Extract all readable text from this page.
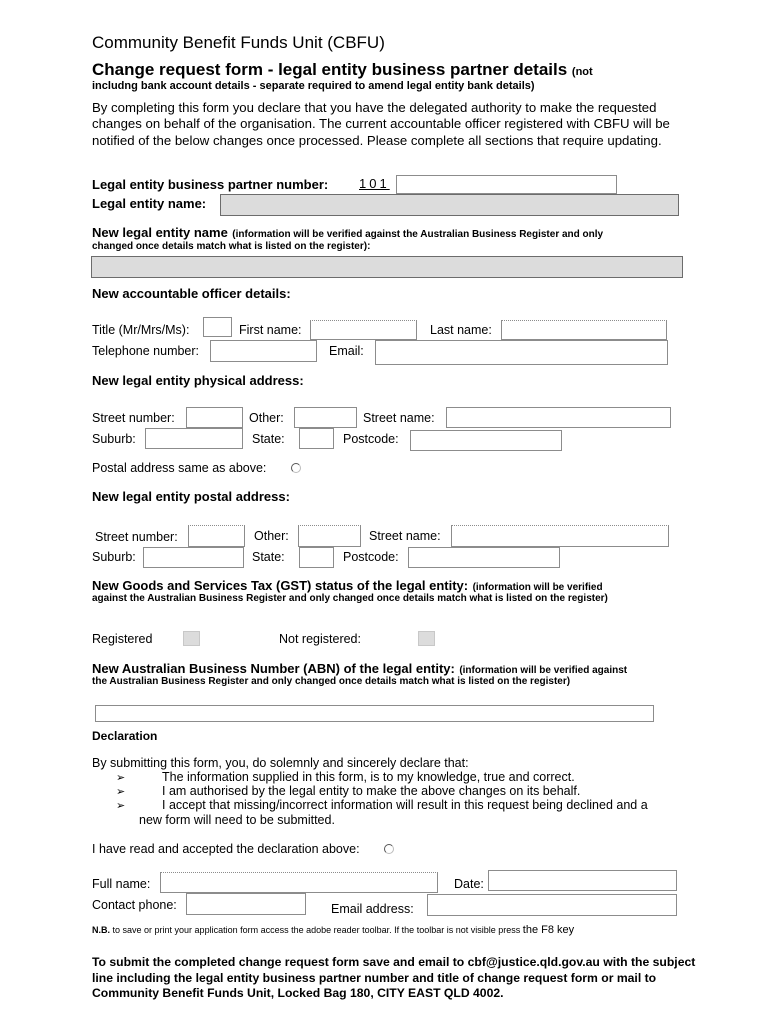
Community Benefit Funds Unit (CBFU)
Change request form - legal entity business partner details (not
includng bank account details - separate required to amend legal entity bank details)
By completing this form you declare that you have the delegated authority to make the requested changes on behalf of the organisation. The current accountable officer registered with CBFU will be notified of the below changes once processed. Please complete all sections that require updating.
Legal entity business partner number: 101
Legal entity name:
New legal entity name (information will be verified against the Australian Business Register and only
changed once details match what is listed on the register):
New accountable officer details:
Title (Mr/Mrs/Ms):	First name:	Last name:
Telephone number:	Email:
New legal entity physical address:
Street number:	Other:	Street name:
Suburb:	State:	Postcode:
Postal address same as above:
New legal entity postal address:
Street number:	Other:	Street name:
Suburb:	State:	Postcode:
New Goods and Services Tax (GST) status of the legal entity: (information will be verified
against the Australian Business Register and only changed once details match what is listed on the register)
Registered	Not registered:
New Australian Business Number (ABN) of the legal entity: (information will be verified against
the Australian Business Register and only changed once details match what is listed on the register)
Declaration
By submitting this form, you, do solemnly and sincerely declare that:
➢	The information supplied in this form, is to my knowledge, true and correct.
➢	I am authorised by the legal entity to make the above changes on its behalf.
➢	I accept that missing/incorrect information will result in this request being declined and a
new form will need to be submitted.
I have read and accepted the declaration above:
Full name:	Date:
Contact phone:	Email address:
N.B. to save or print your application form access the adobe reader toolbar. If the toolbar is not visible press the F8 key
To submit the completed change request form save and email to cbf@justice.qld.gov.au with the subject line including the legal entity business partner number and title of change request form or mail to Community Benefit Funds Unit, Locked Bag 180, CITY EAST QLD 4002.
